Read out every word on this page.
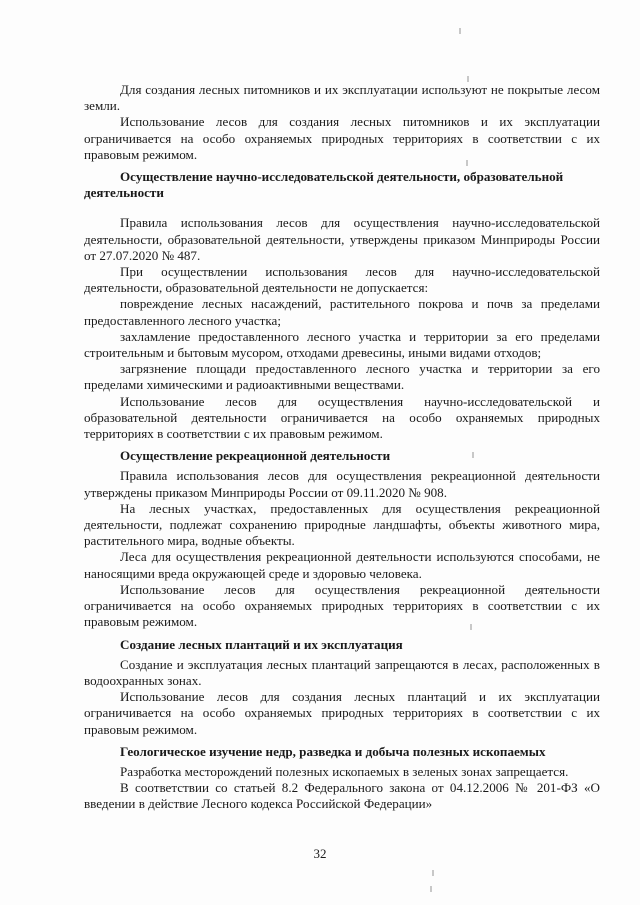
Для создания лесных питомников и их эксплуатации используют не покрытые лесом земли.

Использование лесов для создания лесных питомников и их эксплуатации ограничивается на особо охраняемых природных территориях в соответствии с их правовым режимом.

Осуществление научно-исследовательской деятельности, образовательной деятельности

Правила использования лесов для осуществления научно-исследовательской деятельности, образовательной деятельности, утверждены приказом Минприроды России от 27.07.2020 № 487.

При осуществлении использования лесов для научно-исследовательской деятельности, образовательной деятельности не допускается:

повреждение лесных насаждений, растительного покрова и почв за пределами предоставленного лесного участка;

захламление предоставленного лесного участка и территории за его пределами строительным и бытовым мусором, отходами древесины, иными видами отходов;

загрязнение площади предоставленного лесного участка и территории за его пределами химическими и радиоактивными веществами.

Использование лесов для осуществления научно-исследовательской и образовательной деятельности ограничивается на особо охраняемых природных территориях в соответствии с их правовым режимом.

Осуществление рекреационной деятельности

Правила использования лесов для осуществления рекреационной деятельности утверждены приказом Минприроды России от 09.11.2020 № 908.

На лесных участках, предоставленных для осуществления рекреационной деятельности, подлежат сохранению природные ландшафты, объекты животного мира, растительного мира, водные объекты.

Леса для осуществления рекреационной деятельности используются способами, не наносящими вреда окружающей среде и здоровью человека.

Использование лесов для осуществления рекреационной деятельности ограничивается на особо охраняемых природных территориях в соответствии с их правовым режимом.

Создание лесных плантаций и их эксплуатация

Создание и эксплуатация лесных плантаций запрещаются в лесах, расположенных в водоохранных зонах.

Использование лесов для создания лесных плантаций и их эксплуатации ограничивается на особо охраняемых природных территориях в соответствии с их правовым режимом.

Геологическое изучение недр, разведка и добыча полезных ископаемых

Разработка месторождений полезных ископаемых в зеленых зонах запрещается.

В соответствии со статьей 8.2 Федерального закона от 04.12.2006 № 201-ФЗ «О введении в действие Лесного кодекса Российской Федерации»

32
